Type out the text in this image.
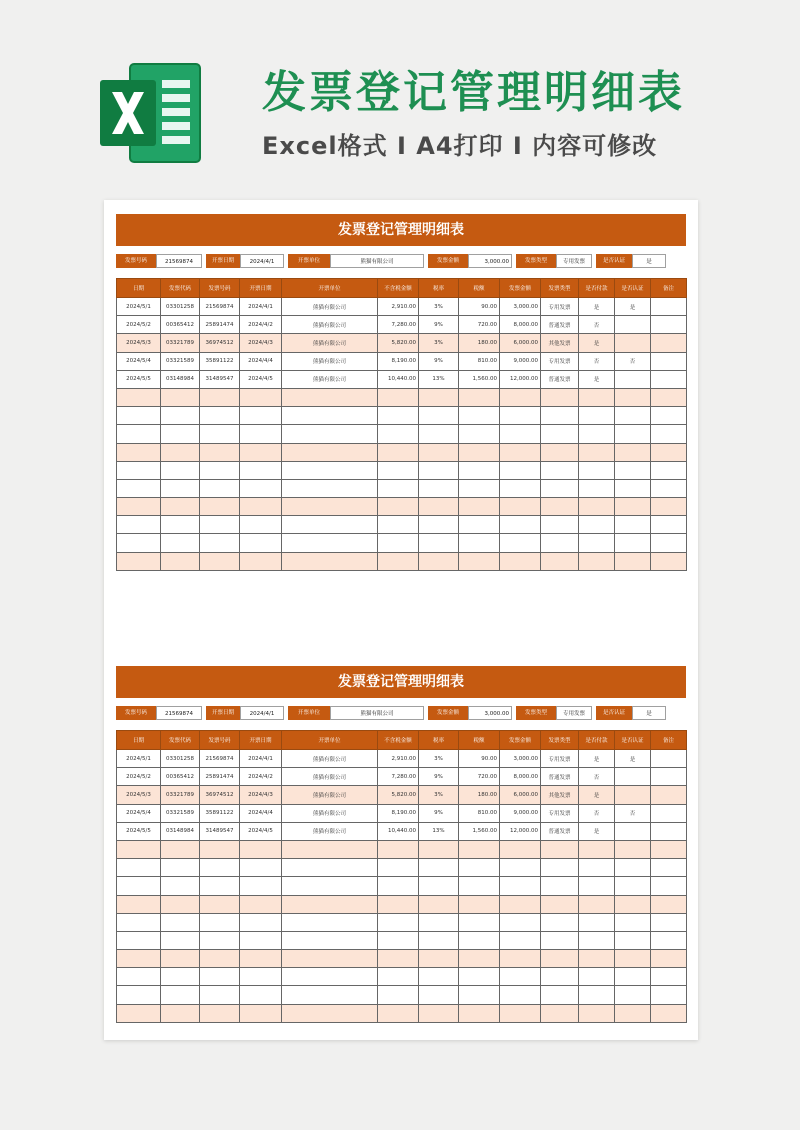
发票登记管理明细表
Excel格式 I A4打印 I 内容可修改
发票登记管理明细表
发票号码	21569874	开票日期	2024/4/1	开票单位	熊猫有限公司	发票金额	3,000.00	发票类型	专用发票	是否认证	是
日期	发票代码	发票号码	开票日期	开票单位	不含税金额	税率	税额	发票金额	发票类型	是否付款	是否认证	备注
2024/5/1	03301258	21569874	2024/4/1	熊猫有限公司	2,910.00	3%	90.00	3,000.00	专用发票	是	是	
2024/5/2	00365412	25891474	2024/4/2	熊猫有限公司	7,280.00	9%	720.00	8,000.00	普通发票	否		
2024/5/3	03321789	36974512	2024/4/3	熊猫有限公司	5,820.00	3%	180.00	6,000.00	其他发票	是		
2024/5/4	03321589	35891122	2024/4/4	熊猫有限公司	8,190.00	9%	810.00	9,000.00	专用发票	否	否	
2024/5/5	03148984	31489547	2024/4/5	熊猫有限公司	10,440.00	13%	1,560.00	12,000.00	普通发票	是		

发票登记管理明细表
发票号码	21569874	开票日期	2024/4/1	开票单位	熊猫有限公司	发票金额	3,000.00	发票类型	专用发票	是否认证	是
日期	发票代码	发票号码	开票日期	开票单位	不含税金额	税率	税额	发票金额	发票类型	是否付款	是否认证	备注
2024/5/1	03301258	21569874	2024/4/1	熊猫有限公司	2,910.00	3%	90.00	3,000.00	专用发票	是	是	
2024/5/2	00365412	25891474	2024/4/2	熊猫有限公司	7,280.00	9%	720.00	8,000.00	普通发票	否		
2024/5/3	03321789	36974512	2024/4/3	熊猫有限公司	5,820.00	3%	180.00	6,000.00	其他发票	是		
2024/5/4	03321589	35891122	2024/4/4	熊猫有限公司	8,190.00	9%	810.00	9,000.00	专用发票	否	否	
2024/5/5	03148984	31489547	2024/4/5	熊猫有限公司	10,440.00	13%	1,560.00	12,000.00	普通发票	是		
